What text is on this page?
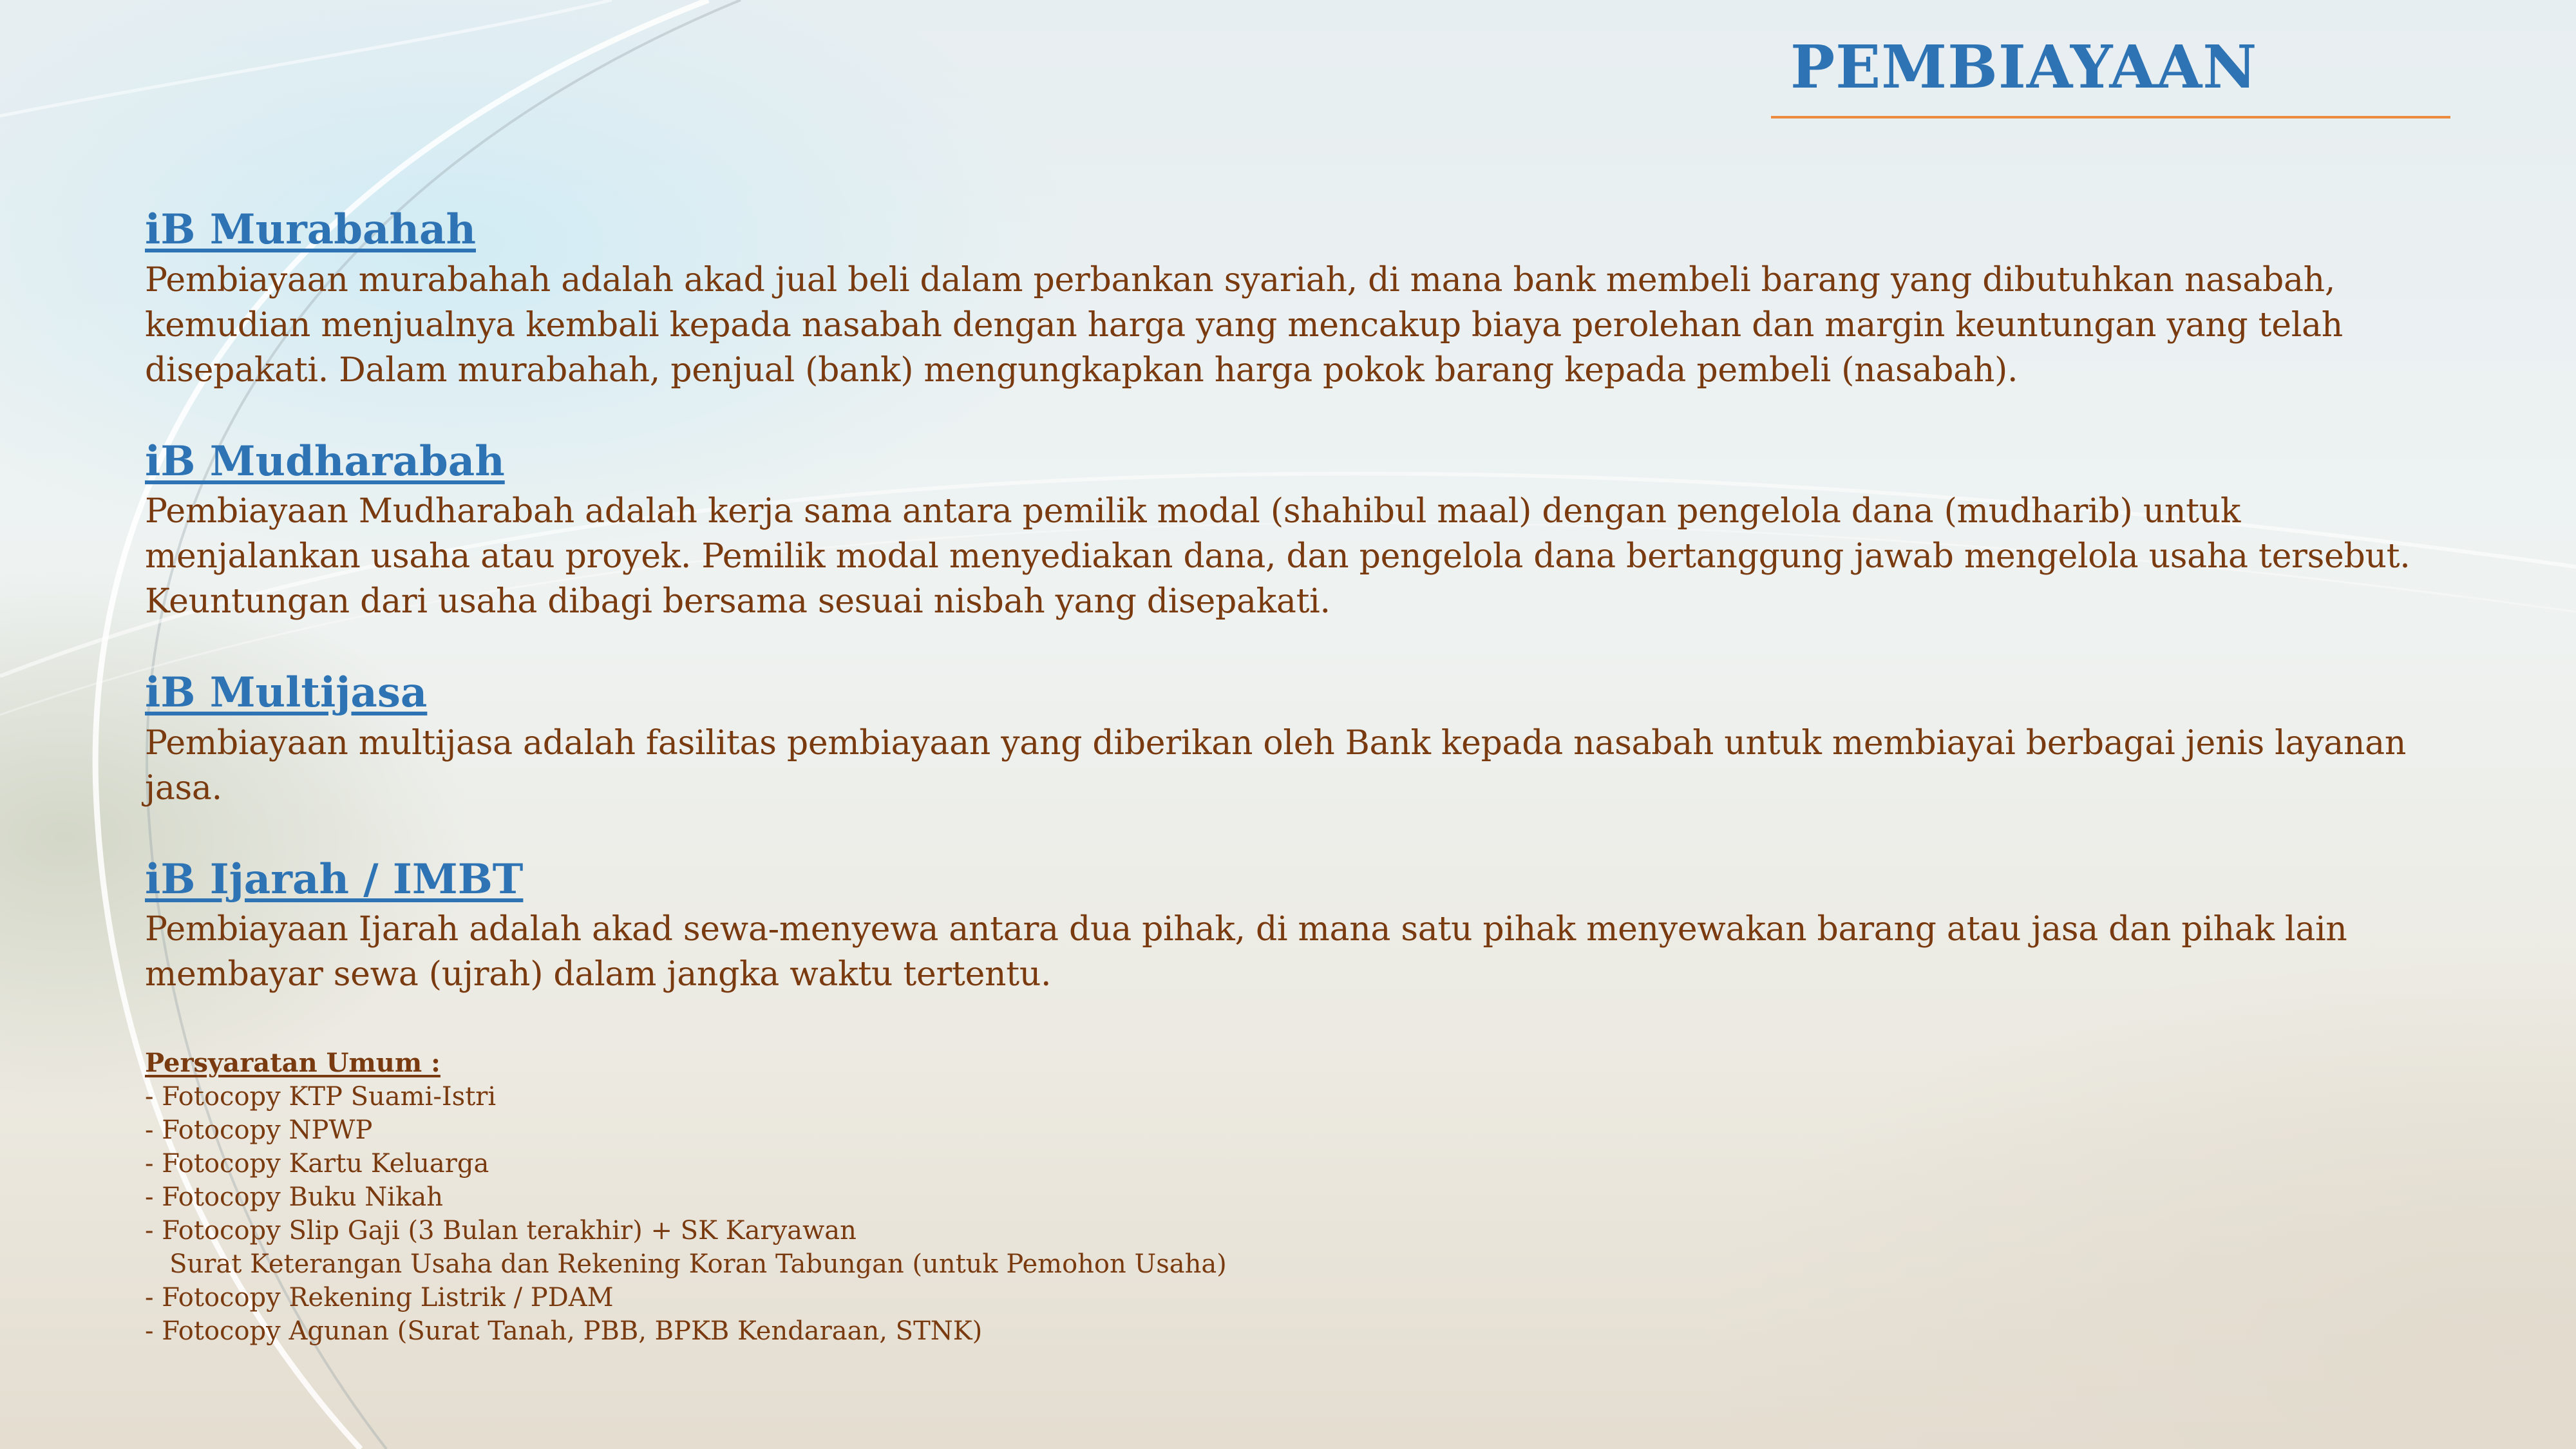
PEMBIAYAAN
iB Murabahah

Pembiayaan murabahah adalah akad jual beli dalam perbankan syariah, di mana bank membeli barang yang dibutuhkan nasabah, kemudian menjualnya kembali kepada nasabah dengan harga yang mencakup biaya perolehan dan margin keuntungan yang telah disepakati. Dalam murabahah, penjual (bank) mengungkapkan harga pokok barang kepada pembeli (nasabah).

iB Mudharabah

Pembiayaan Mudharabah adalah kerja sama antara pemilik modal (shahibul maal) dengan pengelola dana (mudharib) untuk menjalankan usaha atau proyek. Pemilik modal menyediakan dana, dan pengelola dana bertanggung jawab mengelola usaha tersebut. Keuntungan dari usaha dibagi bersama sesuai nisbah yang disepakati.

iB Multijasa

Pembiayaan multijasa adalah fasilitas pembiayaan yang diberikan oleh Bank kepada nasabah untuk membiayai berbagai jenis layanan jasa.

iB Ijarah / IMBT

Pembiayaan Ijarah adalah akad sewa-menyewa antara dua pihak, di mana satu pihak menyewakan barang atau jasa dan pihak lain membayar sewa (ujrah) dalam jangka waktu tertentu.

Persyaratan Umum :
- Fotocopy KTP Suami-Istri
- Fotocopy NPWP
- Fotocopy Kartu Keluarga
- Fotocopy Buku Nikah
- Fotocopy Slip Gaji (3 Bulan terakhir) + SK Karyawan
Surat Keterangan Usaha dan Rekening Koran Tabungan (untuk Pemohon Usaha)
- Fotocopy Rekening Listrik / PDAM
- Fotocopy Agunan (Surat Tanah, PBB, BPKB Kendaraan, STNK)
